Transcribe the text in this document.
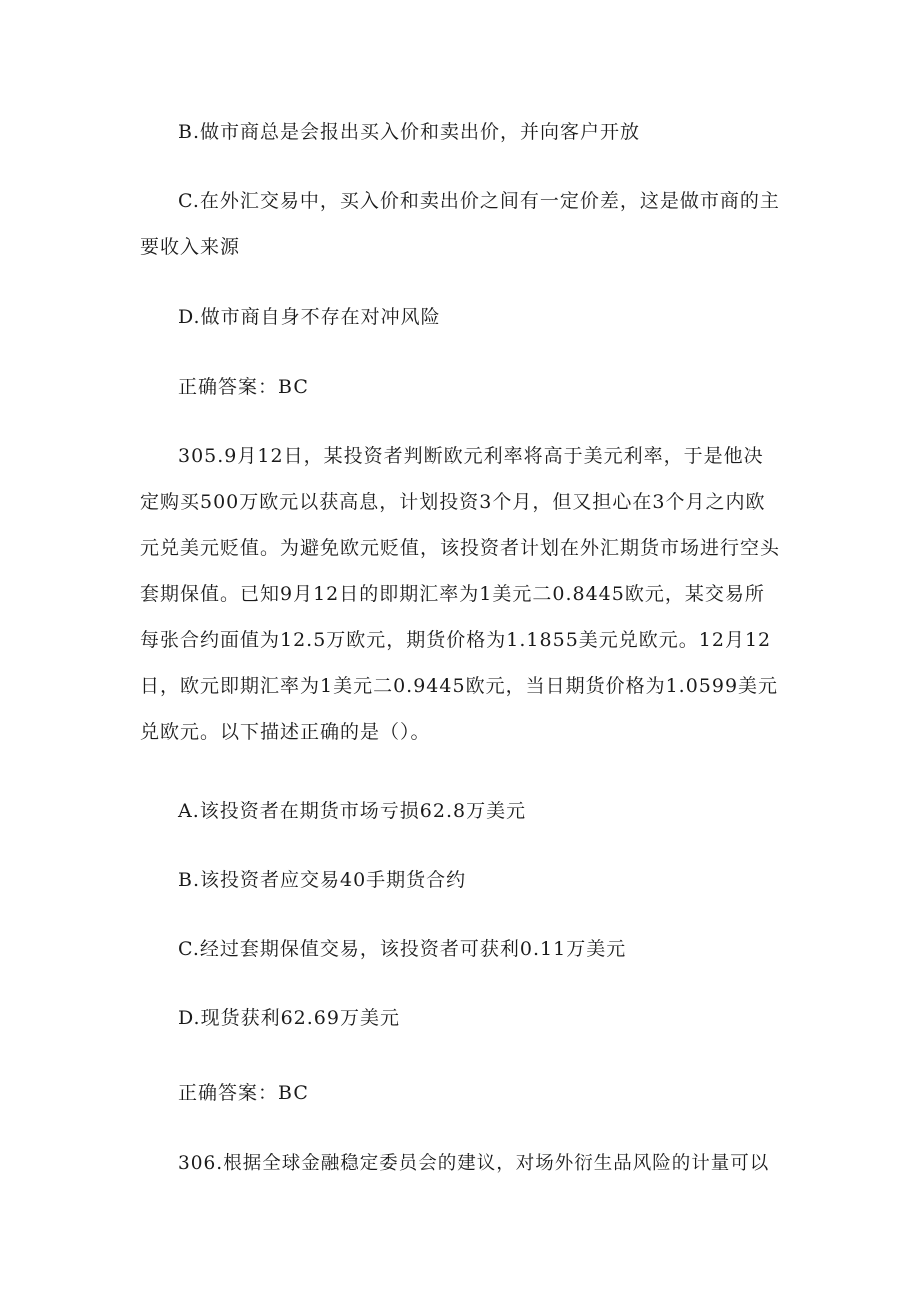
B.做市商总是会报出买入价和卖出价，并向客户开放
C.在外汇交易中，买入价和卖出价之间有一定价差，这是做市商的主
要收入来源
D.做市商自身不存在对冲风险
正确答案：BC
305.9月12日，某投资者判断欧元利率将高于美元利率，于是他决
定购买500万欧元以获高息，计划投资3个月，但又担心在3个月之内欧
元兑美元贬值。为避免欧元贬值，该投资者计划在外汇期货市场进行空头
套期保值。已知9月12日的即期汇率为1美元二0.8445欧元，某交易所
每张合约面值为12.5万欧元，期货价格为1.1855美元兑欧元。12月12
日，欧元即期汇率为1美元二0.9445欧元，当日期货价格为1.0599美元
兑欧元。以下描述正确的是（）。
A.该投资者在期货市场亏损62.8万美元
B.该投资者应交易40手期货合约
C.经过套期保值交易，该投资者可获利0.11万美元
D.现货获利62.69万美元
正确答案：BC
306.根据全球金融稳定委员会的建议，对场外衍生品风险的计量可以
